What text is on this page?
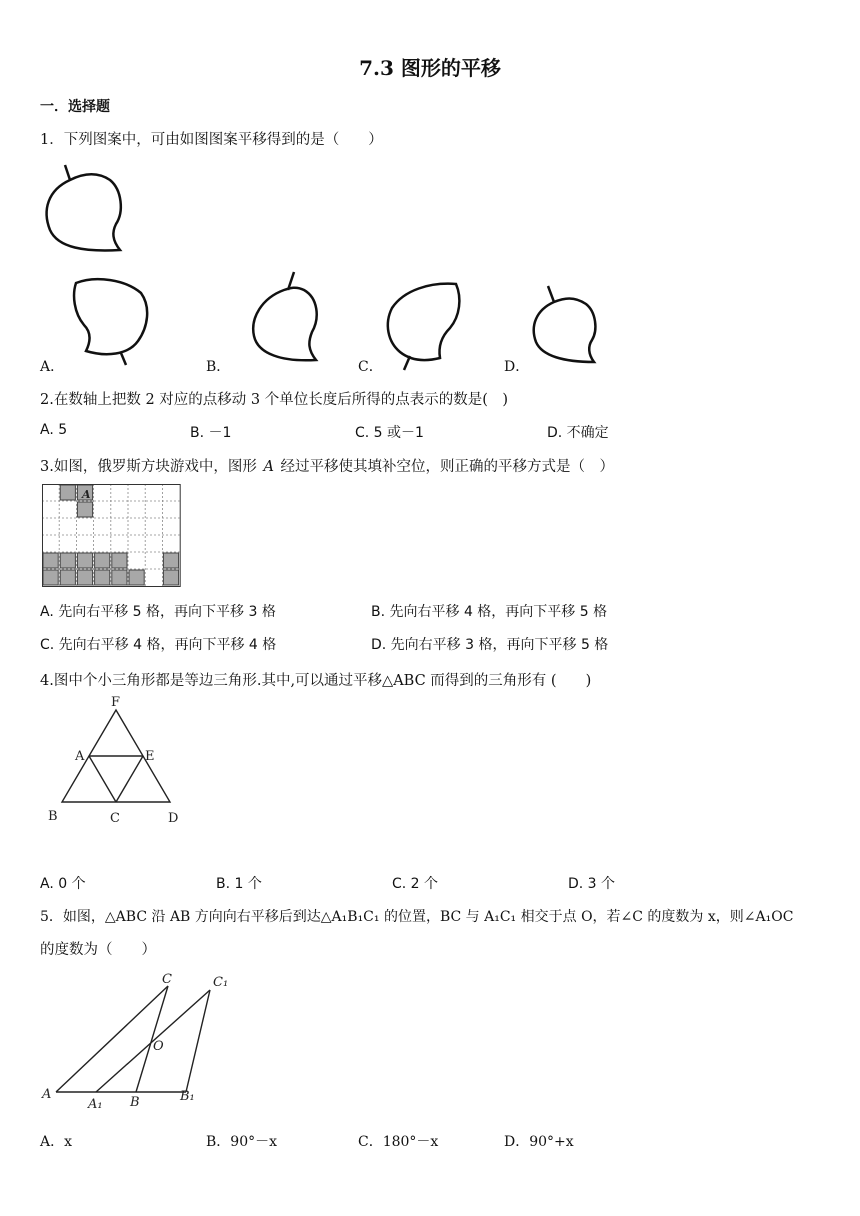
7.3 图形的平移
一．选择题
1．下列图案中，可由如图图案平移得到的是（　　）
A．	B．	C．	D．
2.在数轴上把数 2 对应的点移动 3 个单位长度后所得的点表示的数是(　)
A. 5	B. －1	C. 5 或－1	D. 不确定
3.如图，俄罗斯方块游戏中，图形 A 经过平移使其填补空位，则正确的平移方式是（　）
A
A. 先向右平移 5 格，再向下平移 3 格	B. 先向右平移 4 格，再向下平移 5 格
C. 先向右平移 4 格，再向下平移 4 格	D. 先向右平移 3 格，再向下平移 5 格
4.图中个小三角形都是等边三角形.其中,可以通过平移△ABC 而得到的三角形有 (　　)
F
A	E
B	C	D
A. 0 个	B. 1 个	C. 2 个	D. 3 个
5．如图，△ABC 沿 AB 方向向右平移后到达△A₁B₁C₁ 的位置，BC 与 A₁C₁ 相交于点 O，若∠C 的度数为 x，则∠A₁OC
的度数为（　　）
C	C₁
O
A
A₁ B	B₁
A．x	B．90°－x	C．180°－x	D．90°+x
